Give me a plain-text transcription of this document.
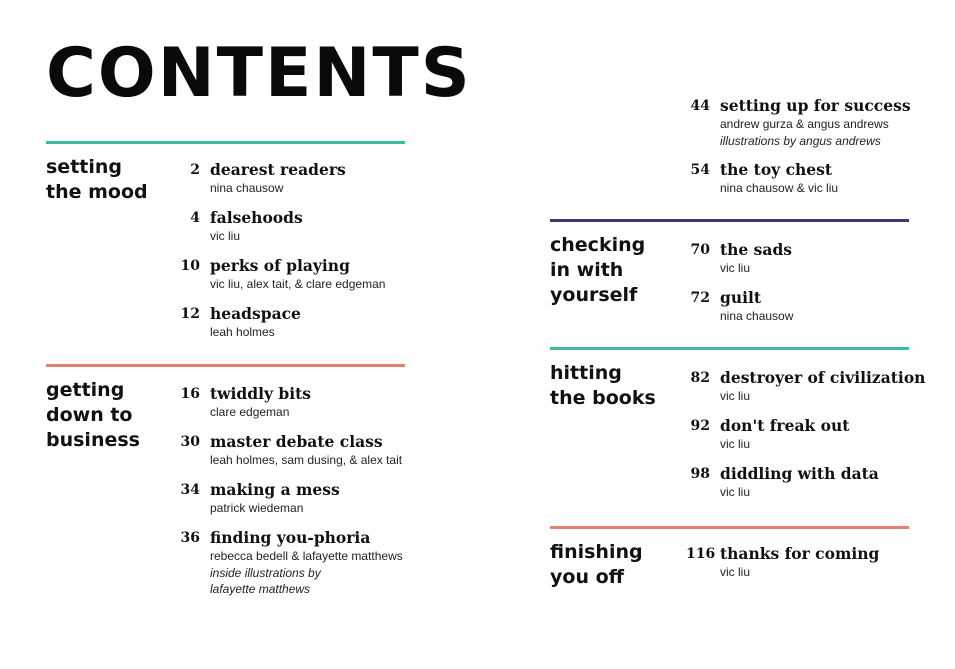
CONTENTS
setting
the mood
2 dearest readers
nina chausow
4 falsehoods
vic liu
10 perks of playing
vic liu, alex tait, & clare edgeman
12 headspace
leah holmes
getting
down to
business
16 twiddly bits
clare edgeman
30 master debate class
leah holmes, sam dusing, & alex tait
34 making a mess
patrick wiedeman
36 finding you-phoria
rebecca bedell & lafayette matthews
inside illustrations by
lafayette matthews
44 setting up for success
andrew gurza & angus andrews
illustrations by angus andrews
54 the toy chest
nina chausow & vic liu
checking
in with
yourself
70 the sads
vic liu
72 guilt
nina chausow
hitting
the books
82 destroyer of civilization
vic liu
92 don't freak out
vic liu
98 diddling with data
vic liu
finishing
you off
116 thanks for coming
vic liu
